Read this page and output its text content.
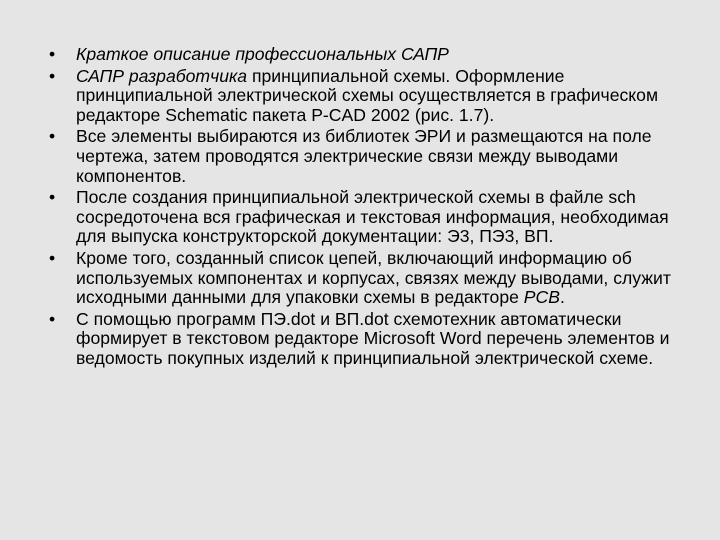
•	Краткое описание профессиональных САПР
•	САПР разработчика принципиальной схемы. Оформление принципиальной электрической схемы осуществляется в графическом редакторе Schematic пакета P-CAD 2002 (рис. 1.7).
•	Все элементы выбираются из библиотек ЭРИ и размещаются на поле чертежа, затем проводятся электрические связи между выводами компонентов.
•	После создания принципиальной электрической схемы в файле sch сосредоточена вся графическая и текстовая информация, необходимая для выпуска конструкторской документации: Э3, ПЭ3, ВП.
•	Кроме того, созданный список цепей, включающий информацию об используемых компонентах и корпусах, связях между выводами, служит исходными данными для упаковки схемы в редакторе PCB.
•	С помощью программ ПЭ.dot и ВП.dot схемотехник автоматически формирует в текстовом редакторе Microsoft Word перечень элементов и ведомость покупных изделий к принципиальной электрической схеме.
